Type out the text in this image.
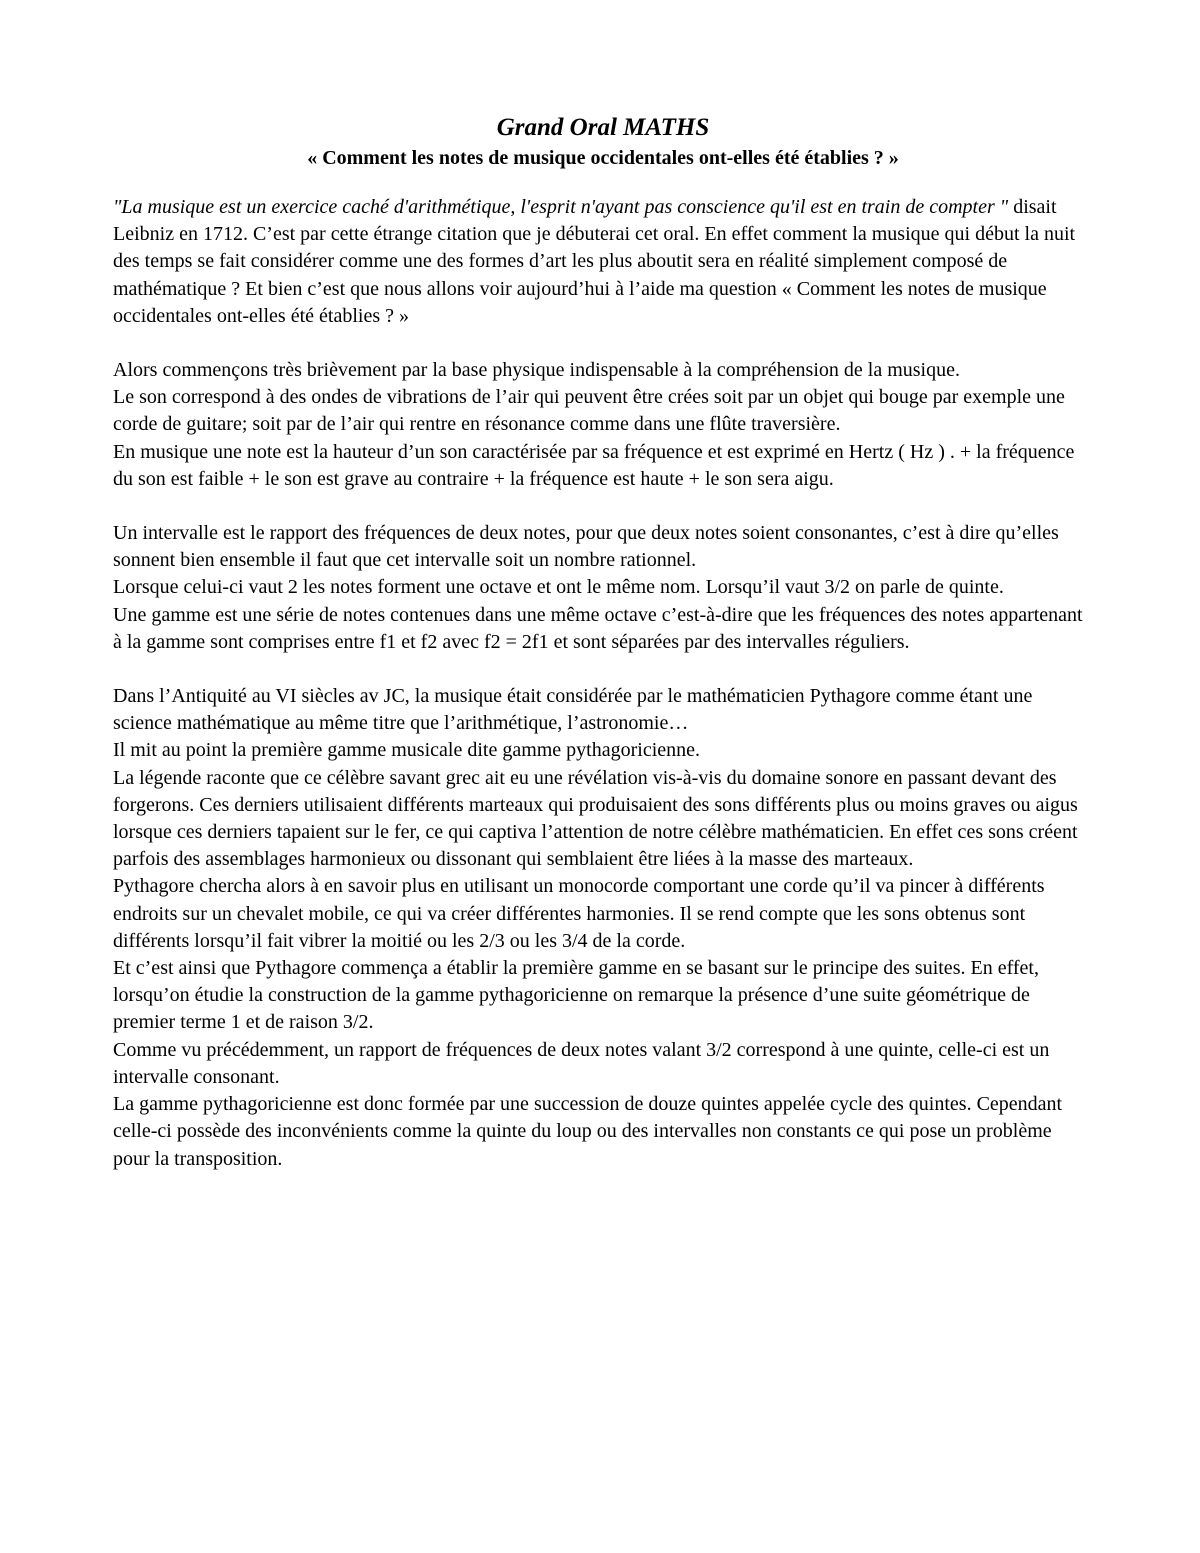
Grand Oral MATHS
« Comment les notes de musique occidentales ont-elles été établies ? »

"La musique est un exercice caché d'arithmétique, l'esprit n'ayant pas conscience qu'il est en train de compter " disait Leibniz en 1712. C’est par cette étrange citation que je débuterai cet oral. En effet comment la musique qui début la nuit des temps se fait considérer comme une des formes d’art les plus aboutit sera en réalité simplement composé de mathématique ? Et bien c’est que nous allons voir aujourd’hui à l’aide ma question « Comment les notes de musique occidentales ont-elles été établies ? »

Alors commençons très brièvement par la base physique indispensable à la compréhension de la musique.

Le son correspond à des ondes de vibrations de l’air qui peuvent être crées soit par un objet qui bouge par exemple une corde de guitare; soit par de l’air qui rentre en résonance comme dans une flûte traversière.

En musique une note est la hauteur d’un son caractérisée par sa fréquence et est exprimé en Hertz ( Hz ) . + la fréquence du son est faible + le son est grave au contraire + la fréquence est haute + le son sera aigu.

Un intervalle est le rapport des fréquences de deux notes, pour que deux notes soient consonantes, c’est à dire qu’elles sonnent bien ensemble il faut que cet intervalle soit un nombre rationnel.

Lorsque celui-ci vaut 2 les notes forment une octave et ont le même nom. Lorsqu’il vaut 3/2 on parle de quinte.

Une gamme est une série de notes contenues dans une même octave c’est-à-dire que les fréquences des notes appartenant à la gamme sont comprises entre f1 et f2 avec f2 = 2f1 et sont séparées par des intervalles réguliers.

Dans l’Antiquité au VI siècles av JC, la musique était considérée par le mathématicien Pythagore comme étant une science mathématique au même titre que l’arithmétique, l’astronomie…

Il mit au point la première gamme musicale dite gamme pythagoricienne.

La légende raconte que ce célèbre savant grec ait eu une révélation vis-à-vis du domaine sonore en passant devant des forgerons. Ces derniers utilisaient différents marteaux qui produisaient des sons différents plus ou moins graves ou aigus lorsque ces derniers tapaient sur le fer, ce qui captiva l’attention de notre célèbre mathématicien. En effet ces sons créent parfois des assemblages harmonieux ou dissonant qui semblaient être liées à la masse des marteaux.

Pythagore chercha alors à en savoir plus en utilisant un monocorde comportant une corde qu’il va pincer à différents endroits sur un chevalet mobile, ce qui va créer différentes harmonies. Il se rend compte que les sons obtenus sont différents lorsqu’il fait vibrer la moitié ou les 2/3 ou les 3/4 de la corde.

Et c’est ainsi que Pythagore commença a établir la première gamme en se basant sur le principe des suites. En effet, lorsqu’on étudie la construction de la gamme pythagoricienne on remarque la présence d’une suite géométrique de premier terme 1 et de raison 3/2.

Comme vu précédemment, un rapport de fréquences de deux notes valant 3/2 correspond à une quinte, celle-ci est un intervalle consonant.

La gamme pythagoricienne est donc formée par une succession de douze quintes appelée cycle des quintes. Cependant celle-ci possède des inconvénients comme la quinte du loup ou des intervalles non constants ce qui pose un problème pour la transposition.
